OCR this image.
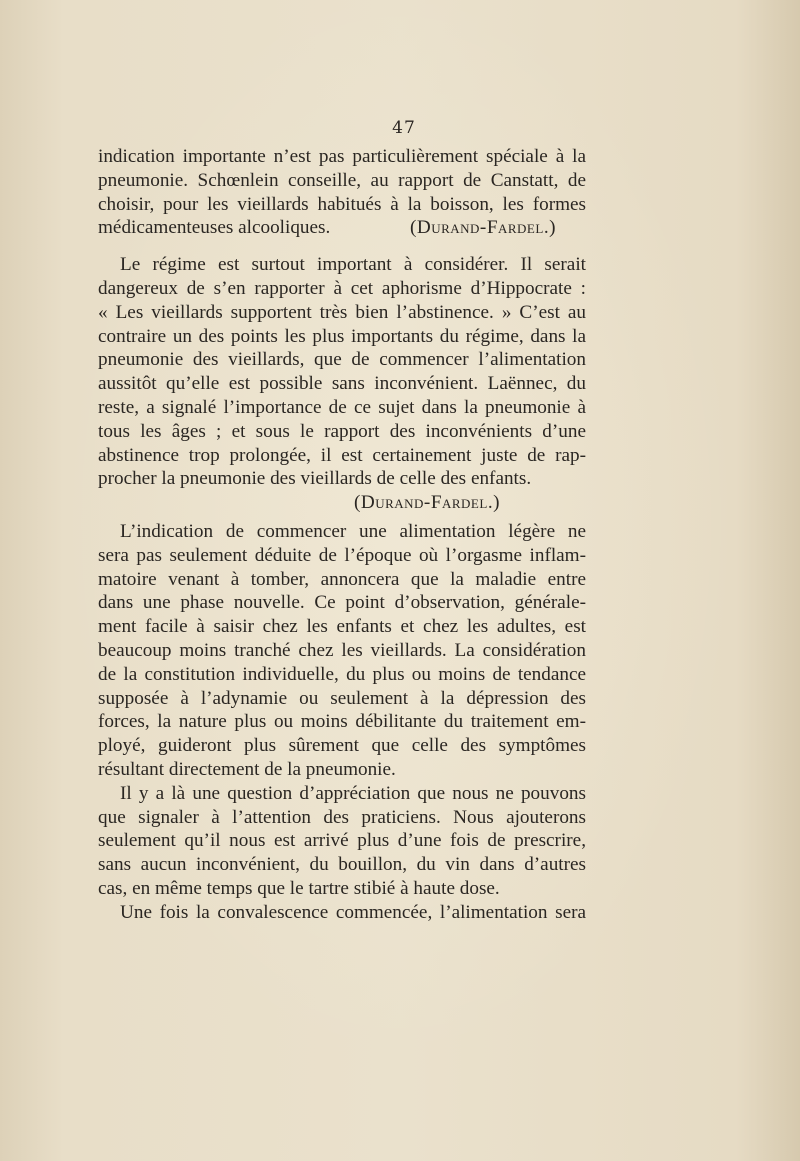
47
indication importante n’est pas particulièrement spéciale à la
pneumonie. Schœnlein conseille, au rapport de Canstatt, de
choisir, pour les vieillards habitués à la boisson, les formes
médicamenteuses alcooliques.	(Durand-Fardel.)
Le régime est surtout important à considérer. Il serait
dangereux de s’en rapporter à cet aphorisme d’Hippocrate :
« Les vieillards supportent très bien l’abstinence. » C’est au
contraire un des points les plus importants du régime, dans la
pneumonie des vieillards, que de commencer l’alimentation
aussitôt qu’elle est possible sans inconvénient. Laënnec, du
reste, a signalé l’importance de ce sujet dans la pneumonie à
tous les âges ; et sous le rapport des inconvénients d’une
abstinence trop prolongée, il est certainement juste de rap-
procher la pneumonie des vieillards de celle des enfants.
(Durand-Fardel.)
L’indication de commencer une alimentation légère ne
sera pas seulement déduite de l’époque où l’orgasme inflam-
matoire venant à tomber, annoncera que la maladie entre
dans une phase nouvelle. Ce point d’observation, générale-
ment facile à saisir chez les enfants et chez les adultes, est
beaucoup moins tranché chez les vieillards. La considération
de la constitution individuelle, du plus ou moins de tendance
supposée à l’adynamie ou seulement à la dépression des
forces, la nature plus ou moins débilitante du traitement em-
ployé, guideront plus sûrement que celle des symptômes
résultant directement de la pneumonie.
Il y a là une question d’appréciation que nous ne pouvons
que signaler à l’attention des praticiens. Nous ajouterons
seulement qu’il nous est arrivé plus d’une fois de prescrire,
sans aucun inconvénient, du bouillon, du vin dans d’autres
cas, en même temps que le tartre stibié à haute dose.
Une fois la convalescence commencée, l’alimentation sera
